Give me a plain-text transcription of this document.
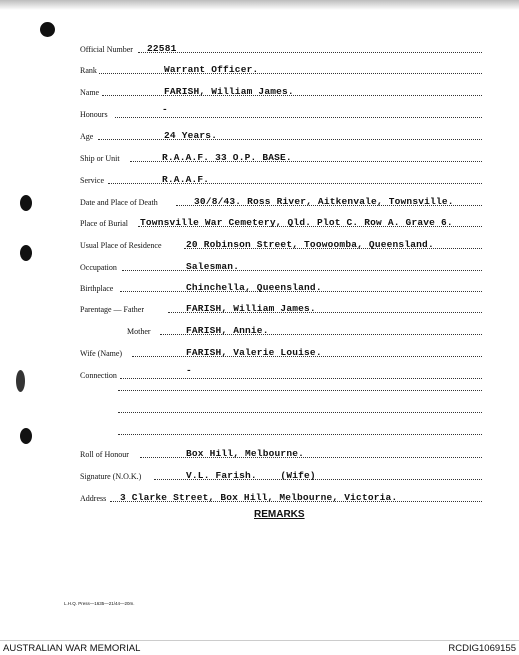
Official Number 22581
Rank	Warrant Officer.
Name	FARISH, William James.
Honours	-
Age	24 Years.
Ship or Unit	R.A.A.F. 33 O.P. BASE.
Service	R.A.A.F.
Date and Place of Death	30/8/43. Ross River, Aitkenvale, Townsville.
Place of Burial Townsville War Cemetery, Qld. Plot C. Row A. Grave 6.
Usual Place of Residence	20 Robinson Street, Toowoomba, Queensland.
Occupation	Salesman.
Birthplace	Chinchella, Queensland.
Parentage — Father	FARISH, William James.
Mother	FARISH, Annie.
Wife (Name)	FARISH, Valerie Louise.
Connection	-
Roll of Honour	Box Hill, Melbourne.
Signature (N.O.K.)	V.L. Farish.    (Wife)
Address 3 Clarke Street, Box Hill, Melbourne, Victoria.
REMARKS
L.H.Q. Press—1635—21/44—20m.
AUSTRALIAN WAR MEMORIAL	RCDIG1069155
